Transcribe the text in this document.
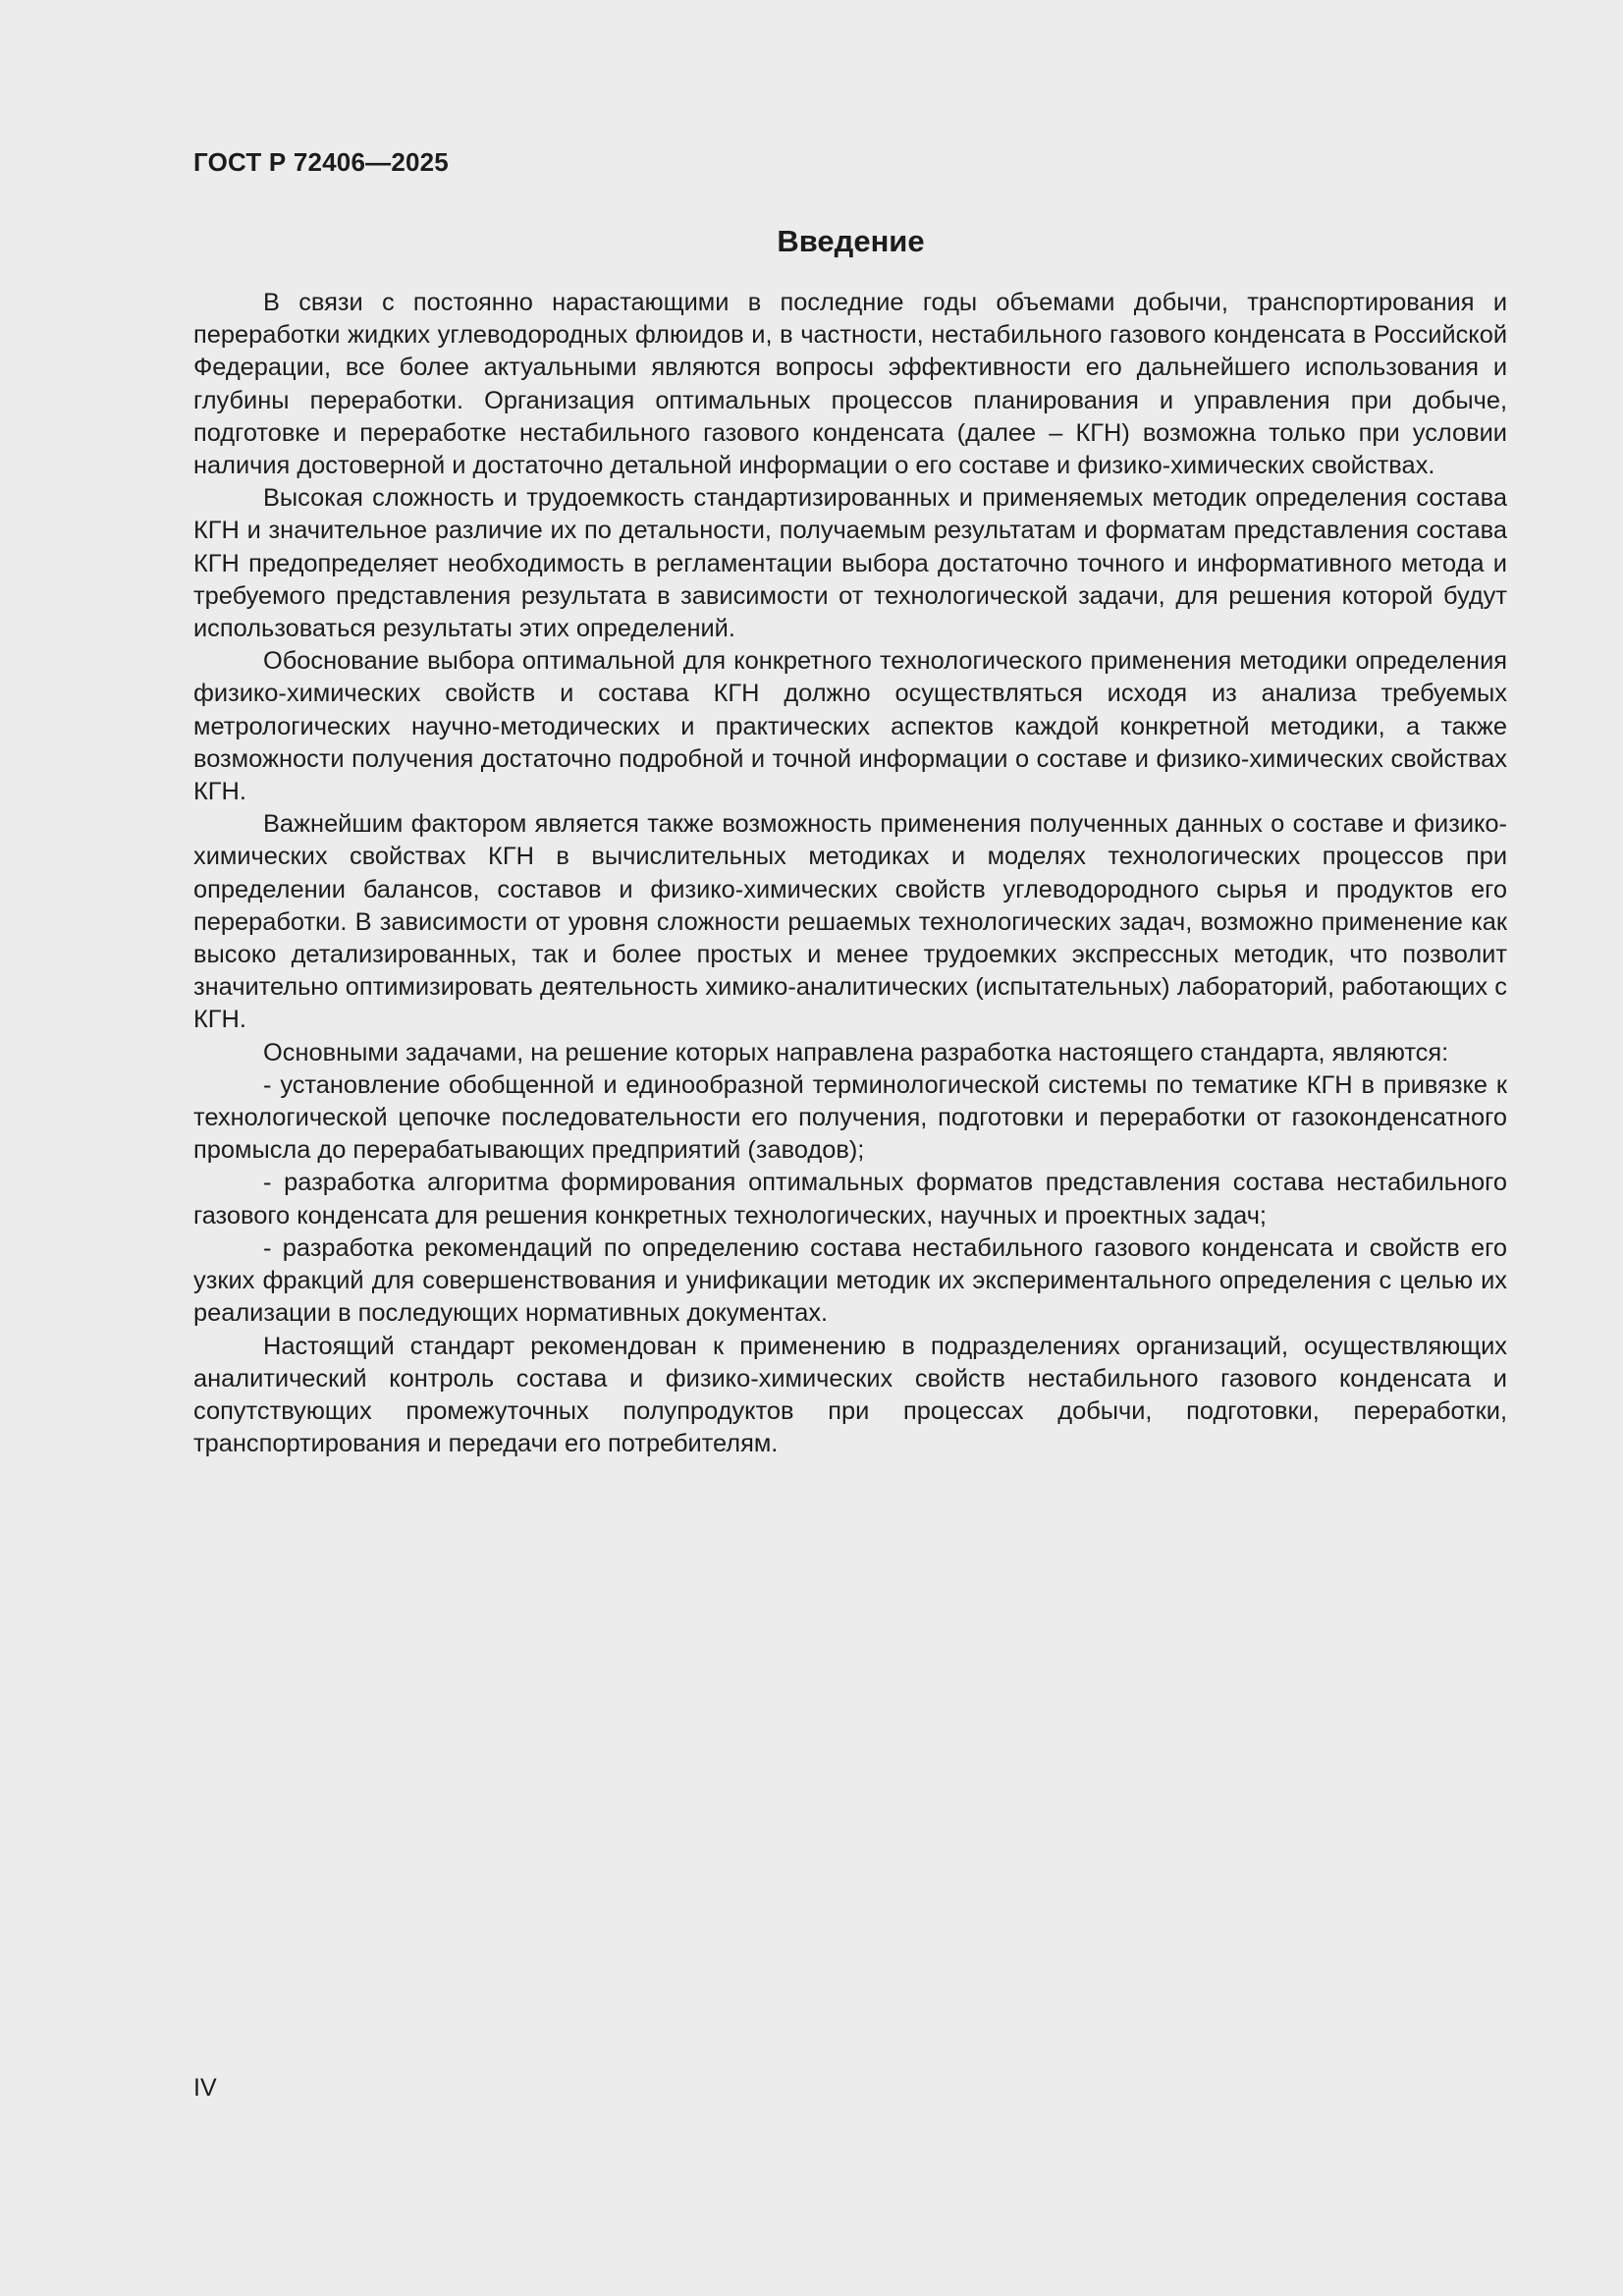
ГОСТ Р 72406—2025
Введение

В связи с постоянно нарастающими в последние годы объемами добычи, транспортирования и переработки жидких углеводородных флюидов и, в частности, нестабильного газового конденсата в Российской Федерации, все более актуальными являются вопросы эффективности его дальнейшего использования и глубины переработки. Организация оптимальных процессов планирования и управления при добыче, подготовке и переработке нестабильного газового конденсата (далее – КГН) возможна только при условии наличия достоверной и достаточно детальной информации о его составе и физико-химических свойствах.

Высокая сложность и трудоемкость стандартизированных и применяемых методик определения состава КГН и значительное различие их по детальности, получаемым результатам и форматам представления состава КГН предопределяет необходимость в регламентации выбора достаточно точного и информативного метода и требуемого представления результата в зависимости от технологической задачи, для решения которой будут использоваться результаты этих определений.

Обоснование выбора оптимальной для конкретного технологического применения методики определения физико-химических свойств и состава КГН должно осуществляться исходя из анализа требуемых метрологических научно-методических и практических аспектов каждой конкретной методики, а также возможности получения достаточно подробной и точной информации о составе и физико-химических свойствах КГН.

Важнейшим фактором является также возможность применения полученных данных о составе и физико-химических свойствах КГН в вычислительных методиках и моделях технологических процессов при определении балансов, составов и физико-химических свойств углеводородного сырья и продуктов его переработки. В зависимости от уровня сложности решаемых технологических задач, возможно применение как высоко детализированных, так и более простых и менее трудоемких экспрессных методик, что позволит значительно оптимизировать деятельность химико-аналитических (испытательных) лабораторий, работающих с КГН.

Основными задачами, на решение которых направлена разработка настоящего стандарта, являются:

- установление обобщенной и единообразной терминологической системы по тематике КГН в привязке к технологической цепочке последовательности его получения, подготовки и переработки от газоконденсатного промысла до перерабатывающих предприятий (заводов);

- разработка алгоритма формирования оптимальных форматов представления состава нестабильного газового конденсата для решения конкретных технологических, научных и проектных задач;

- разработка рекомендаций по определению состава нестабильного газового конденсата и свойств его узких фракций для совершенствования и унификации методик их экспериментального определения с целью их реализации в последующих нормативных документах.

Настоящий стандарт рекомендован к применению в подразделениях организаций, осуществляющих аналитический контроль состава и физико-химических свойств нестабильного газового конденсата и сопутствующих промежуточных полупродуктов при процессах добычи, подготовки, переработки, транспортирования и передачи его потребителям.

IV
